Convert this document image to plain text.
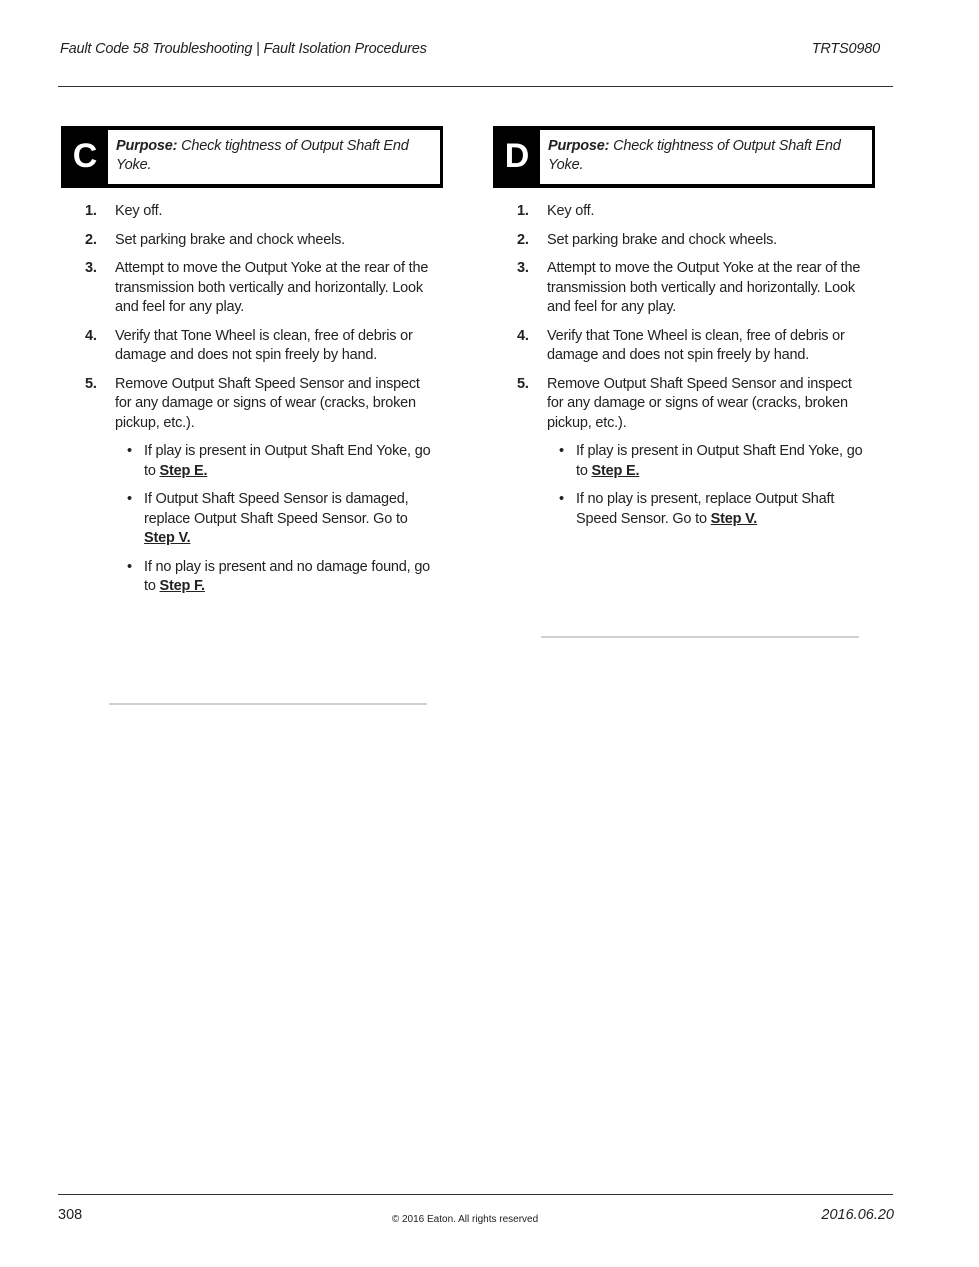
Fault Code 58 Troubleshooting | Fault Isolation Procedures	TRTS0980
C	Purpose: Check tightness of Output Shaft End Yoke.
1. Key off.
2. Set parking brake and chock wheels.
3. Attempt to move the Output Yoke at the rear of the transmission both vertically and horizontally. Look and feel for any play.
4. Verify that Tone Wheel is clean, free of debris or damage and does not spin freely by hand.
5. Remove Output Shaft Speed Sensor and inspect for any damage or signs of wear (cracks, broken pickup, etc.).
• If play is present in Output Shaft End Yoke, go to Step E.
• If Output Shaft Speed Sensor is damaged, replace Output Shaft Speed Sensor. Go to Step V.
• If no play is present and no damage found, go to Step F.
D	Purpose: Check tightness of Output Shaft End Yoke.
1. Key off.
2. Set parking brake and chock wheels.
3. Attempt to move the Output Yoke at the rear of the transmission both vertically and horizontally. Look and feel for any play.
4. Verify that Tone Wheel is clean, free of debris or damage and does not spin freely by hand.
5. Remove Output Shaft Speed Sensor and inspect for any damage or signs of wear (cracks, broken pickup, etc.).
• If play is present in Output Shaft End Yoke, go to Step E.
• If no play is present, replace Output Shaft Speed Sensor. Go to Step V.
308	© 2016 Eaton. All rights reserved	2016.06.20
